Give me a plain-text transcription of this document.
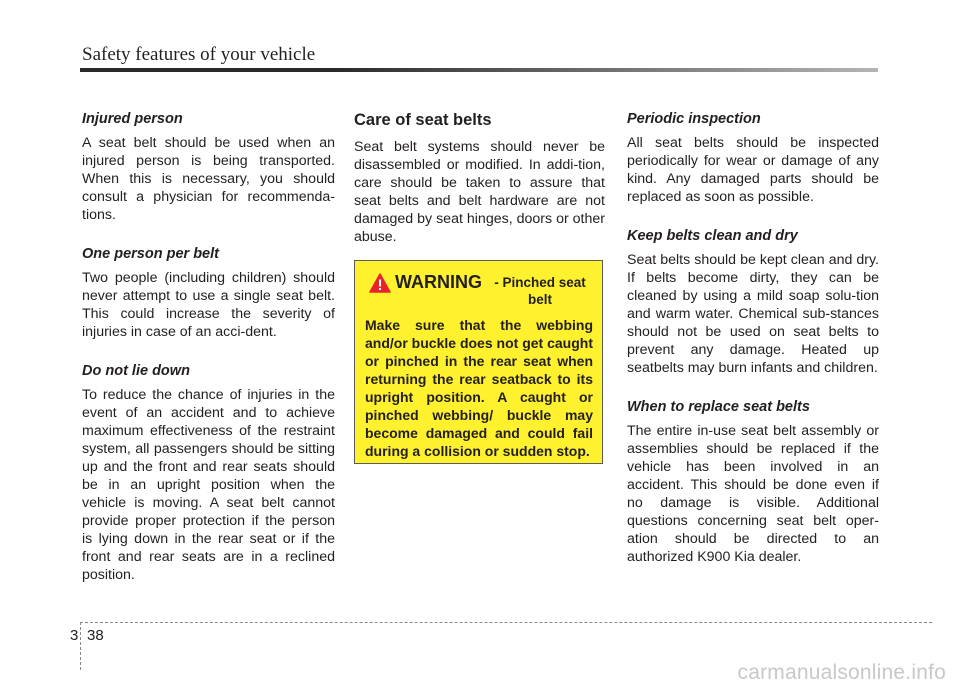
Safety features of your vehicle
Injured person
A seat belt should be used when an injured person is being transported. When this is necessary, you should consult a physician for recommenda-tions.
One person per belt
Two people (including children) should never attempt to use a single seat belt. This could increase the severity of injuries in case of an acci-dent.
Do not lie down
To reduce the chance of injuries in the event of an accident and to achieve maximum effectiveness of the restraint system, all passengers should be sitting up and the front and rear seats should be in an upright position when the vehicle is moving. A seat belt cannot provide proper protection if the person is lying down in the rear seat or if the front and rear seats are in a reclined position.
Care of seat belts
Seat belt systems should never be disassembled or modified. In addi-tion, care should be taken to assure that seat belts and belt hardware are not damaged by seat hinges, doors or other abuse.
WARNING - Pinched seat belt
Make sure that the webbing and/or buckle does not get caught or pinched in the rear seat when returning the rear seatback to its upright position. A caught or pinched webbing/ buckle may become damaged and could fail during a collision or sudden stop.
Periodic inspection
All seat belts should be inspected periodically for wear or damage of any kind. Any damaged parts should be replaced as soon as possible.
Keep belts clean and dry
Seat belts should be kept clean and dry. If belts become dirty, they can be cleaned by using a mild soap solu-tion and warm water. Chemical sub-stances should not be used on seat belts to prevent any damage. Heated up seatbelts may burn infants and children.
When to replace seat belts
The entire in-use seat belt assembly or assemblies should be replaced if the vehicle has been involved in an accident. This should be done even if no damage is visible. Additional questions concerning seat belt oper-ation should be directed to an authorized K900 Kia dealer.
3 38
carmanualsonline.info
